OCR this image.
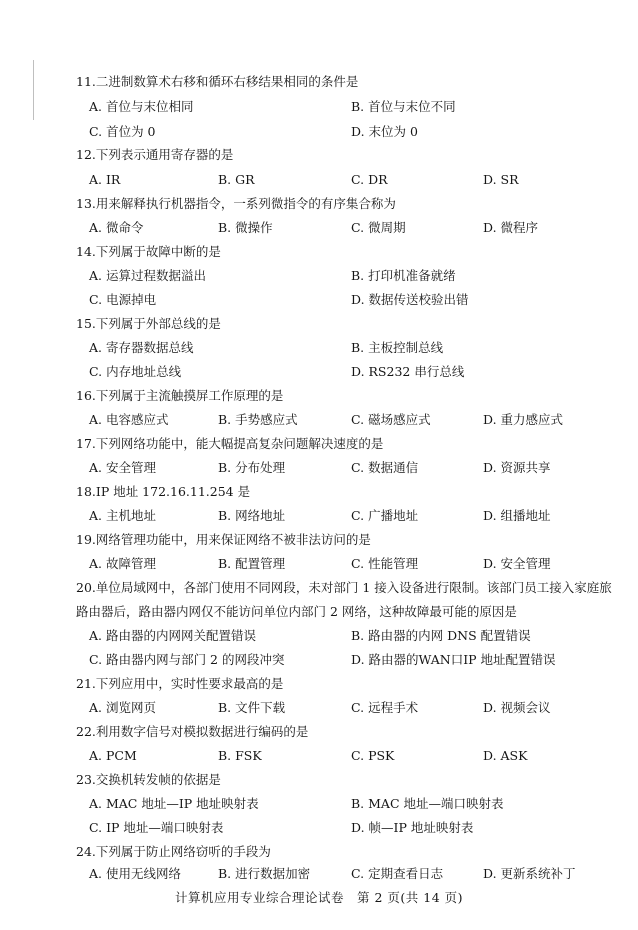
11.二进制数算术右移和循环右移结果相同的条件是
A. 首位与末位相同	B. 首位与末位不同
C. 首位为 0	D. 末位为 0
12.下列表示通用寄存器的是
A. IR	B. GR	C. DR	D. SR
13.用来解释执行机器指令，一系列微指令的有序集合称为
A. 微命令	B. 微操作	C. 微周期	D. 微程序
14.下列属于故障中断的是
A. 运算过程数据溢出	B. 打印机准备就绪
C. 电源掉电	D. 数据传送校验出错
15.下列属于外部总线的是
A. 寄存器数据总线	B. 主板控制总线
C. 内存地址总线	D. RS232 串行总线
16.下列属于主流触摸屏工作原理的是
A. 电容感应式	B. 手势感应式	C. 磁场感应式	D. 重力感应式
17.下列网络功能中，能大幅提高复杂问题解决速度的是
A. 安全管理	B. 分布处理	C. 数据通信	D. 资源共享
18.IP 地址 172.16.11.254 是
A. 主机地址	B. 网络地址	C. 广播地址	D. 组播地址
19.网络管理功能中，用来保证网络不被非法访问的是
A. 故障管理	B. 配置管理	C. 性能管理	D. 安全管理
20.单位局域网中，各部门使用不同网段，未对部门 1 接入设备进行限制。该部门员工接入家庭旅路由器后，路由器内网仅不能访问单位内部门 2 网络，这种故障最可能的原因是
A. 路由器的内网网关配置错误	B. 路由器的内网 DNS 配置错误
C. 路由器内网与部门 2 的网段冲突	D. 路由器的WAN口IP 地址配置错误
21.下列应用中，实时性要求最高的是
A. 浏览网页	B. 文件下载	C. 远程手术	D. 视频会议
22.利用数字信号对模拟数据进行编码的是
A. PCM	B. FSK	C. PSK	D. ASK
23.交换机转发帧的依据是
A. MAC 地址—IP 地址映射表	B. MAC 地址—端口映射表
C. IP 地址—端口映射表	D. 帧—IP 地址映射表
24.下列属于防止网络窃听的手段为
A. 使用无线网络	B. 进行数据加密	C. 定期查看日志	D. 更新系统补丁
计算机应用专业综合理论试卷　第 2 页(共 14 页)
